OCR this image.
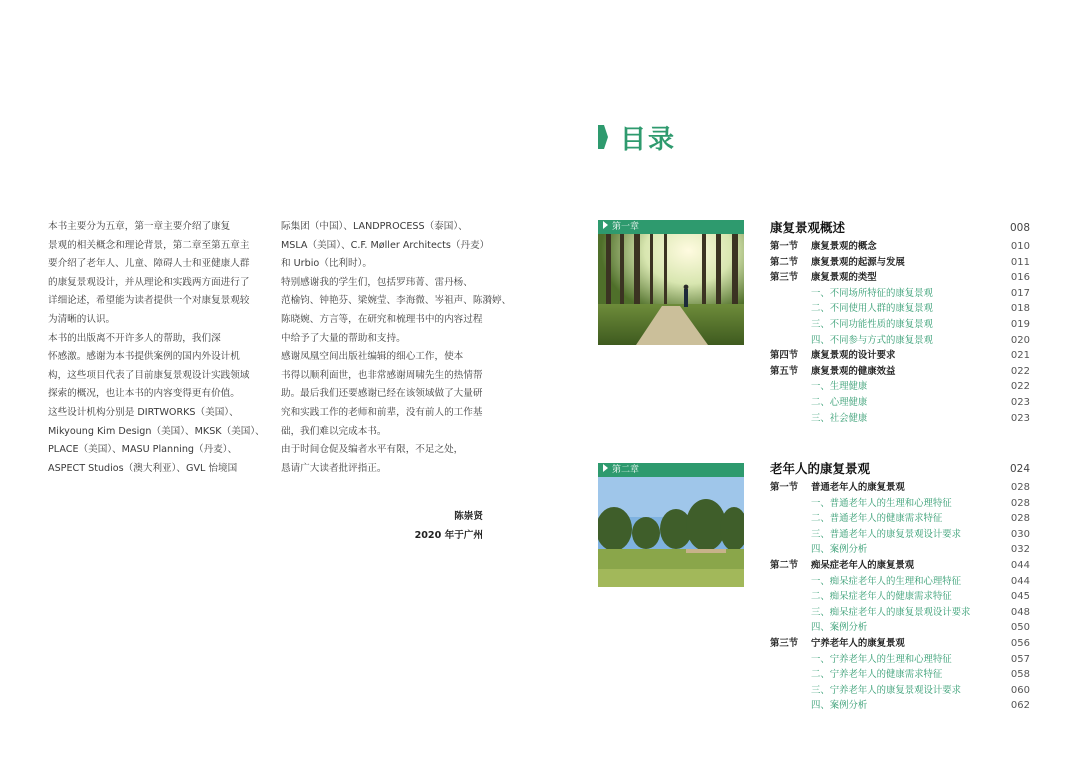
本书主要分为五章，第一章主要介绍了康复

景观的相关概念和理论背景，第二章至第五章主

要介绍了老年人、儿童、障碍人士和亚健康人群

的康复景观设计，并从理论和实践两方面进行了

详细论述，希望能为读者提供一个对康复景观较

为清晰的认识。

本书的出版离不开许多人的帮助，我们深

怀感激。感谢为本书提供案例的国内外设计机

构，这些项目代表了目前康复景观设计实践领域

探索的概况，也让本书的内容变得更有价值。

这些设计机构分别是 DIRTWORKS（美国）、

Mikyoung Kim Design（美国）、MKSK（美国）、

PLACE（美国）、MASU Planning（丹麦）、

ASPECT Studios（澳大利亚）、GVL 怡境国

际集团（中国）、LANDPROCESS（泰国）、

MSLA（美国）、C.F. Møller Architects（丹麦）

和 Urbio（比利时）。

特别感谢我的学生们，包括罗玮菁、雷丹杨、

范榆钧、钟艳芬、梁婉莹、李海微、岑祖声、陈漪婷、

陈晓婉、方言等，在研究和梳理书中的内容过程

中给予了大量的帮助和支持。

感谢凤凰空间出版社编辑的细心工作，使本

书得以顺利面世，也非常感谢周啸先生的热情帮

助。最后我们还要感谢已经在该领域做了大量研

究和实践工作的老师和前辈，没有前人的工作基

础，我们难以完成本书。

由于时间仓促及编者水平有限，不足之处，

恳请广大读者批评指正。

陈崇贤
2020 年于广州
目录
第一章
第二章
康复景观概述	008
第一节 康复景观的概念	010
第二节 康复景观的起源与发展	011
第三节 康复景观的类型	016
一、不同场所特征的康复景观	017
二、不同使用人群的康复景观	018
三、不同功能性质的康复景观	019
四、不同参与方式的康复景观	020
第四节 康复景观的设计要求	021
第五节 康复景观的健康效益	022
一、生理健康	022
二、心理健康	023
三、社会健康	023
老年人的康复景观	024
第一节 普通老年人的康复景观	028
一、普通老年人的生理和心理特征	028
二、普通老年人的健康需求特征	028
三、普通老年人的康复景观设计要求	030
四、案例分析	032
第二节 痴呆症老年人的康复景观	044
一、痴呆症老年人的生理和心理特征	044
二、痴呆症老年人的健康需求特征	045
三、痴呆症老年人的康复景观设计要求	048
四、案例分析	050
第三节 宁养老年人的康复景观	056
一、宁养老年人的生理和心理特征	057
二、宁养老年人的健康需求特征	058
三、宁养老年人的康复景观设计要求	060
四、案例分析	062
